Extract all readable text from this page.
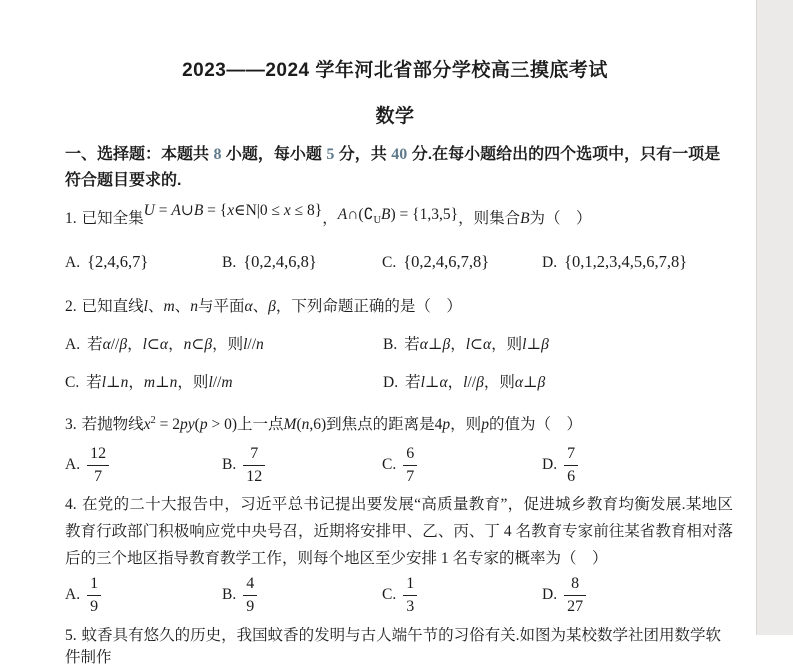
2023——2024 学年河北省部分学校高三摸底考试
数学
一、选择题：本题共 8 小题，每小题 5 分，共 40 分.在每小题给出的四个选项中，只有一项是
符合题目要求的.
1. 已知全集U = A∪B = {x∈N|0 ≤ x ≤ 8}，$A\cap(∁_UB) = \{1,3,5\}$，则集合B为（　）
A. {2,4,6,7}	B. {0,2,4,6,8}	C. {0,2,4,6,7,8}	D. {0,1,2,3,4,5,6,7,8}
2. 已知直线l、m、n与平面α、β，下列命题正确的是（　）
A. 若α//β，l⊂α，n⊂β，则l//n	B. 若α⊥β，l⊂α，则l⊥β
C. 若l⊥n，m⊥n，则l//m	D. 若l⊥α，l//β，则α⊥β
3. 若抛物线$x^2 = 2py(p > 0)$上一点M(n,6)到焦点的距离是4p，则p的值为（　）
A. $\frac{12}{7}$	B. $\frac{7}{12}$	C. $\frac{6}{7}$	D. $\frac{7}{6}$
4. 在党的二十大报告中，习近平总书记提出要发展“高质量教育”，促进城乡教育均衡发展.某地区教育行政部门积极响应党中央号召，近期将安排甲、乙、丙、丁 4 名教育专家前往某省教育相对落后的三个地区指导教育教学工作，则每个地区至少安排 1 名专家的概率为（　）
A. $\frac{1}{9}$	B. $\frac{4}{9}$	C. $\frac{1}{3}$	D. $\frac{8}{27}$
5. 蚊香具有悠久的历史，我国蚊香的发明与古人端午节的习俗有关.如图为某校数学社团用数学软件制作
